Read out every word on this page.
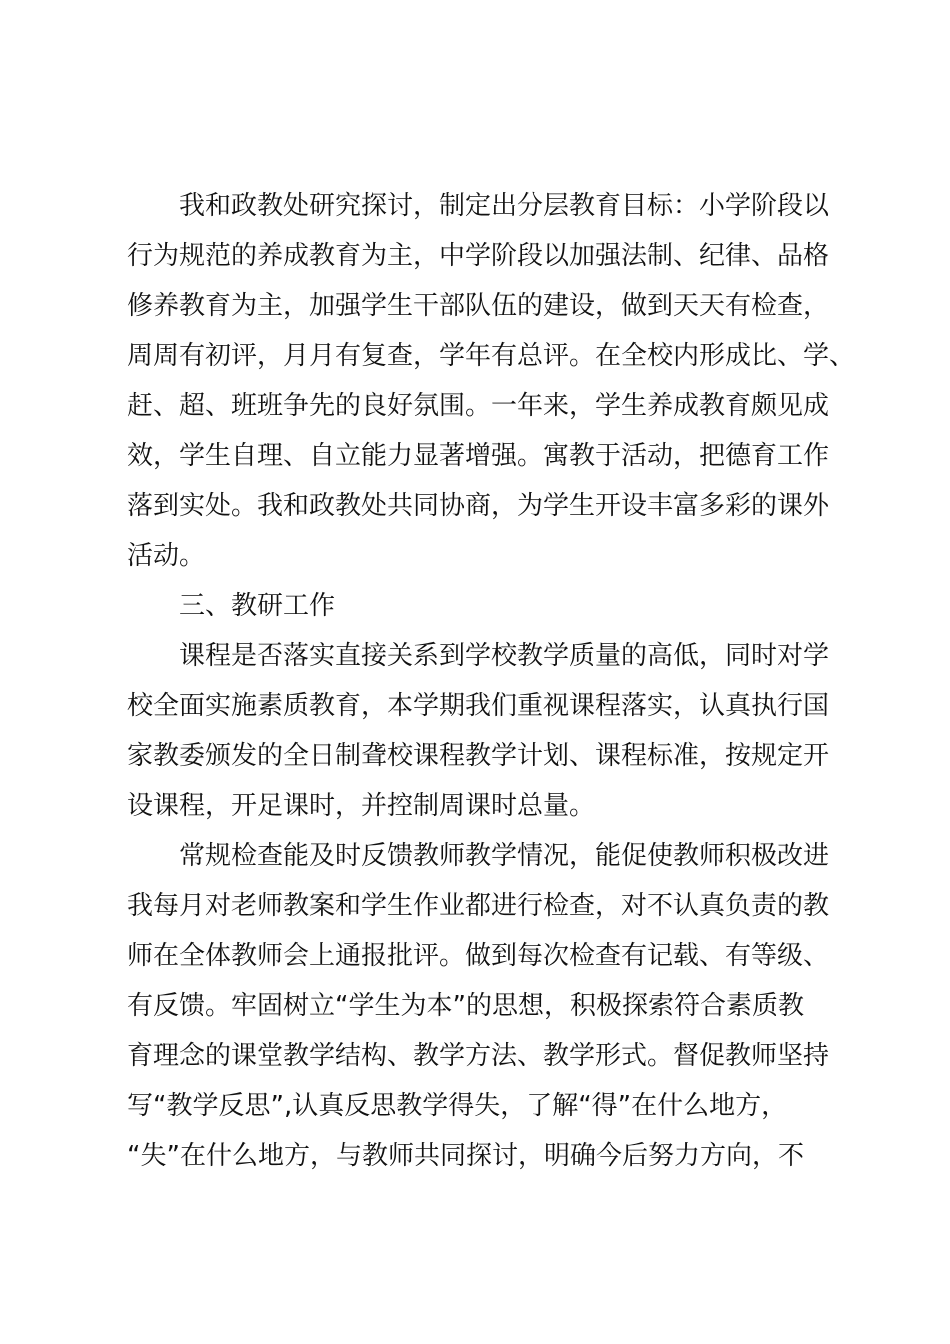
我和政教处研究探讨，制定出分层教育目标：小学阶段以
行为规范的养成教育为主，中学阶段以加强法制、纪律、品格
修养教育为主，加强学生干部队伍的建设，做到天天有检查，
周周有初评，月月有复查，学年有总评。在全校内形成比、学、
赶、超、班班争先的良好氛围。一年来，学生养成教育颇见成
效，学生自理、自立能力显著增强。寓教于活动，把德育工作
落到实处。我和政教处共同协商，为学生开设丰富多彩的课外
活动。
三、教研工作
课程是否落实直接关系到学校教学质量的高低，同时对学
校全面实施素质教育，本学期我们重视课程落实，认真执行国
家教委颁发的全日制聋校课程教学计划、课程标准，按规定开
设课程，开足课时，并控制周课时总量。
常规检查能及时反馈教师教学情况，能促使教师积极改进
我每月对老师教案和学生作业都进行检查，对不认真负责的教
师在全体教师会上通报批评。做到每次检查有记载、有等级、
有反馈。牢固树立“学生为本”的思想，积极探索符合素质教
育理念的课堂教学结构、教学方法、教学形式。督促教师坚持
写“教学反思”,认真反思教学得失，了解“得”在什么地方，
“失”在什么地方，与教师共同探讨，明确今后努力方向，不
